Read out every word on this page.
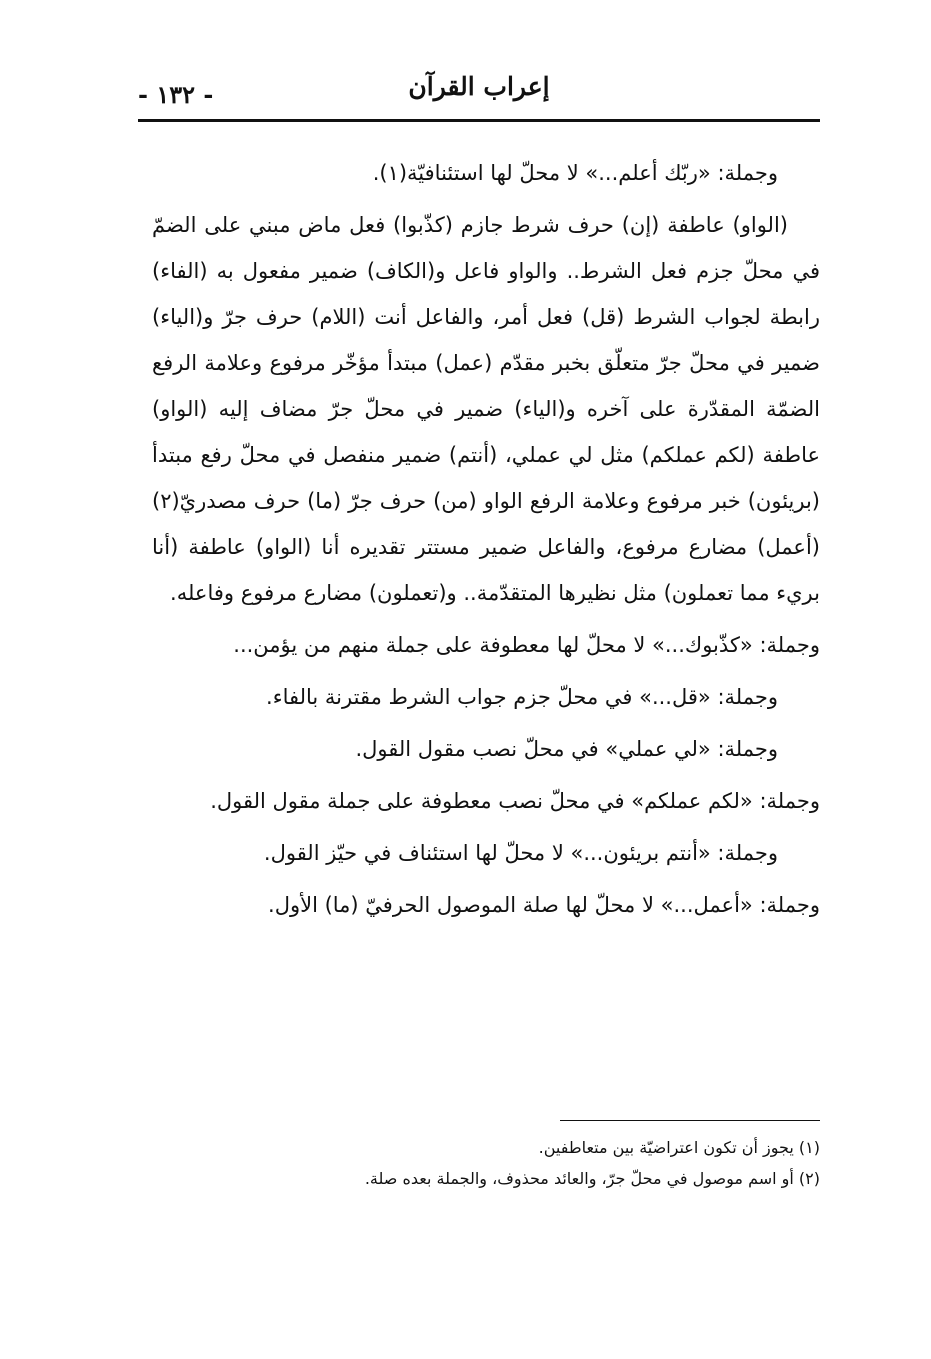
- ١٣٢ -	إعراب القرآن

وجملة: «ربّك أعلم...» لا محلّ لها استئنافيّة(١).

(الواو) عاطفة (إن) حرف شرط جازم (كذّبوا) فعل ماض مبني على الضمّ في محلّ جزم فعل الشرط.. والواو فاعل و(الكاف) ضمير مفعول به (الفاء) رابطة لجواب الشرط (قل) فعل أمر، والفاعل أنت (اللام) حرف جرّ و(الياء) ضمير في محلّ جرّ متعلّق بخبر مقدّم (عمل) مبتدأ مؤخّر مرفوع وعلامة الرفع الضمّة المقدّرة على آخره و(الياء) ضمير في محلّ جرّ مضاف إليه (الواو) عاطفة (لكم عملكم) مثل لي عملي، (أنتم) ضمير منفصل في محلّ رفع مبتدأ (بريئون) خبر مرفوع وعلامة الرفع الواو (من) حرف جرّ (ما) حرف مصدريّ(٢) (أعمل) مضارع مرفوع، والفاعل ضمير مستتر تقديره أنا (الواو) عاطفة (أنا بريء مما تعملون) مثل نظيرها المتقدّمة.. و(تعملون) مضارع مرفوع وفاعله.

وجملة: «كذّبوك...» لا محلّ لها معطوفة على جملة منهم من يؤمن...

وجملة: «قل...» في محلّ جزم جواب الشرط مقترنة بالفاء.

وجملة: «لي عملي» في محلّ نصب مقول القول.

وجملة: «لكم عملكم» في محلّ نصب معطوفة على جملة مقول القول.

وجملة: «أنتم بريئون...» لا محلّ لها استئناف في حيّز القول.

وجملة: «أعمل...» لا محلّ لها صلة الموصول الحرفيّ (ما) الأول.

(١) يجوز أن تكون اعتراضيّة بين متعاطفين.
(٢) أو اسم موصول في محلّ جرّ، والعائد محذوف، والجملة بعده صلة.
